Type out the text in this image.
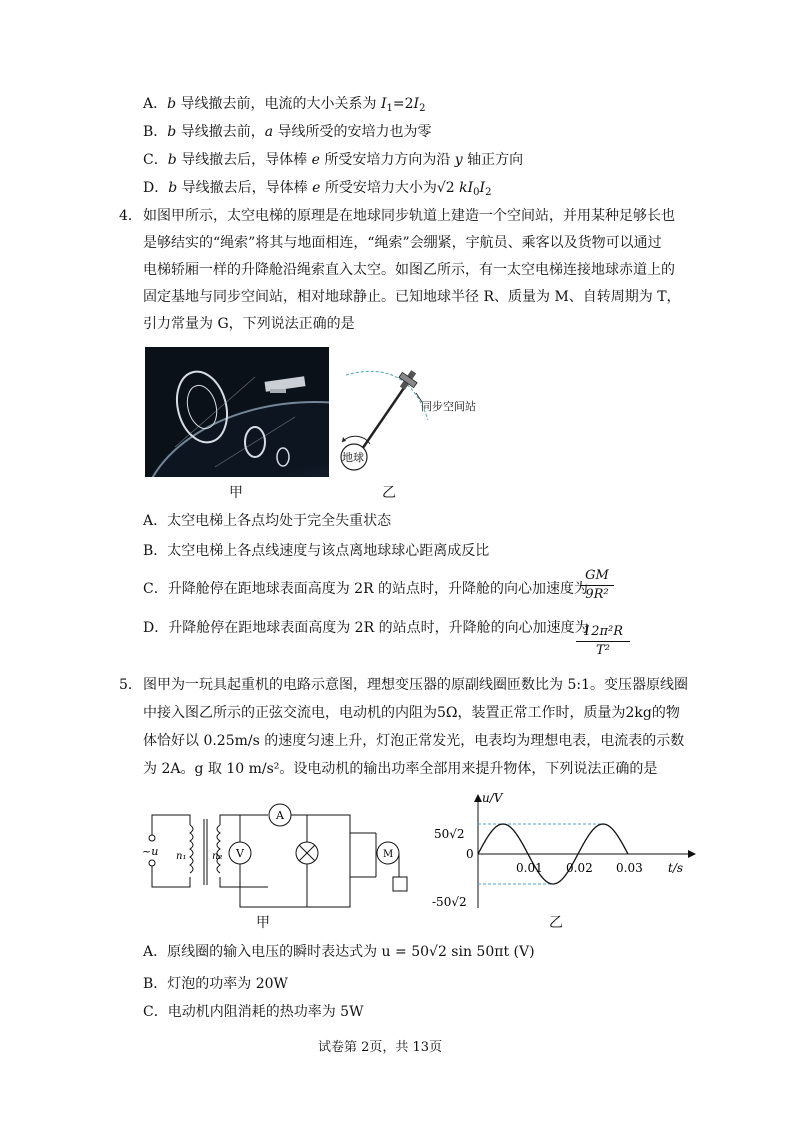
A．b 导线撤去前，电流的大小关系为 $I_1=2I_2$
B．b 导线撤去前，a 导线所受的安培力也为零
C．b 导线撤去后，导体棒 e 所受安培力方向为沿 y 轴正方向
D．b 导线撤去后，导体棒 e 所受安培力大小为√2 $kI_0I_2$
4． 如图甲所示，太空电梯的原理是在地球同步轨道上建造一个空间站，并用某种足够长也
是够结实的“绳索”将其与地面相连，“绳索”会绷紧，宇航员、乘客以及货物可以通过
电梯轿厢一样的升降舱沿绳索直入太空。如图乙所示，有一太空电梯连接地球赤道上的
固定基地与同步空间站，相对地球静止。已知地球半径 R、质量为 M、自转周期为 T，
引力常量为 G，下列说法正确的是
甲
同步空间站
地球
乙
A．太空电梯上各点均处于完全失重状态
B．太空电梯上各点线速度与该点离地球球心距离成反比
C．升降舱停在距地球表面高度为 2R 的站点时，升降舱的向心加速度为
GM
9R²
D．升降舱停在距地球表面高度为 2R 的站点时，升降舱的向心加速度为
12π²R
T²
5． 图甲为一玩具起重机的电路示意图，理想变压器的原副线圈匝数比为 5:1。变压器原线圈
中接入图乙所示的正弦交流电，电动机的内阻为5Ω，装置正常工作时，质量为2kg的物
体恰好以 0.25m/s 的速度匀速上升，灯泡正常发光，电表均为理想电表，电流表的示数
为 2A。g 取 10 m/s²。设电动机的输出功率全部用来提升物体，下列说法正确的是
A
V	M
~u n₁	n₂
甲
u/V
t/s
50√2
0
-50√2
0.01 0.02 0.03
乙
A．原线圈的输入电压的瞬时表达式为 u = 50√2 sin 50πt (V)
B．灯泡的功率为 20W
C．电动机内阻消耗的热功率为 5W
试卷第 2页，共 13页
